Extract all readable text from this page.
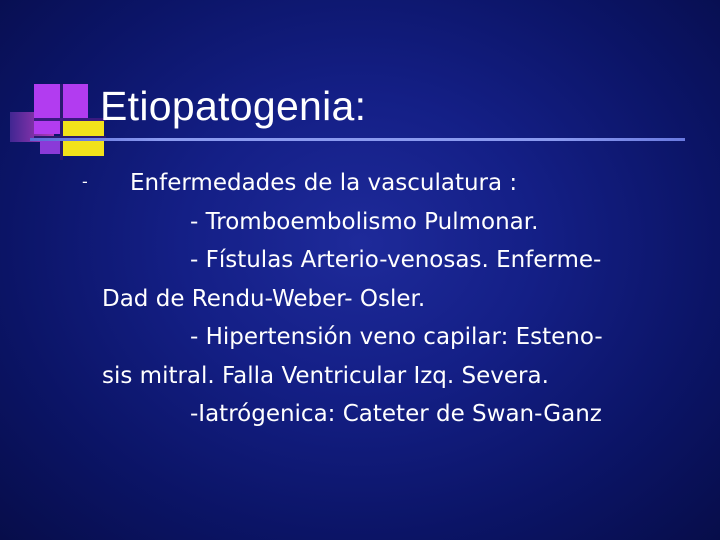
Etiopatogenia:
-	Enfermedades de la vasculatura :
- Tromboembolismo Pulmonar.
- Fístulas Arterio-venosas. Enferme-
Dad de Rendu-Weber- Osler.
- Hipertensión veno capilar: Esteno-
sis mitral. Falla Ventricular Izq. Severa.
-Iatrógenica: Cateter de Swan-Ganz
